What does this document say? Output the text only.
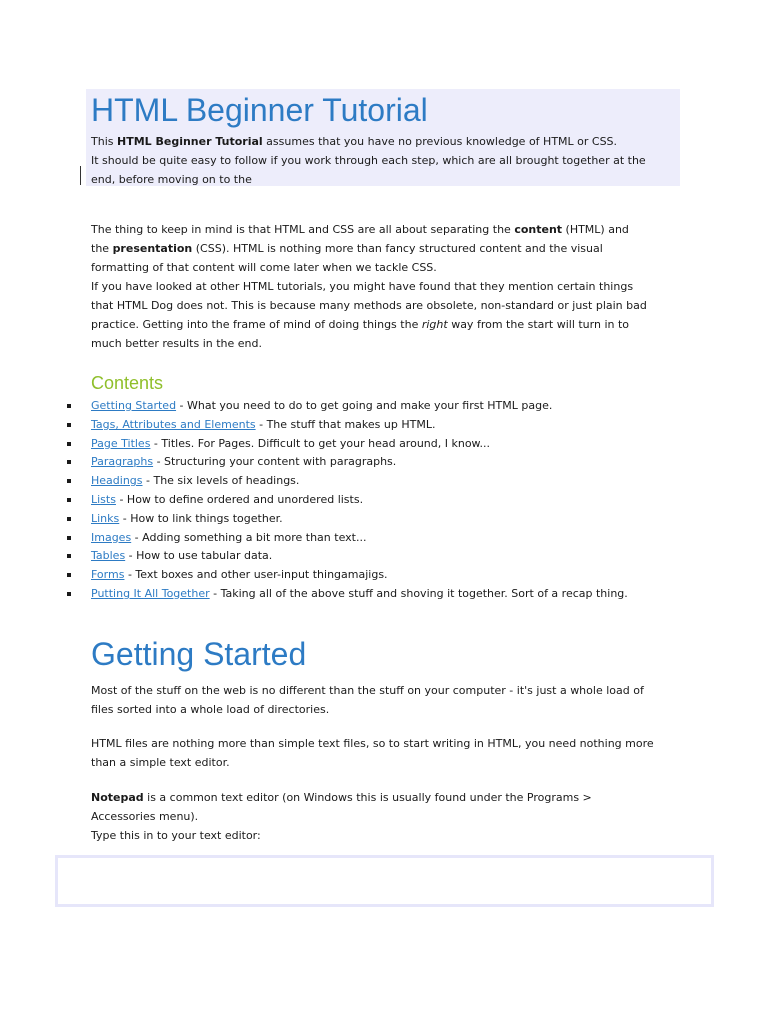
HTML Beginner Tutorial
This HTML Beginner Tutorial assumes that you have no previous knowledge of HTML or CSS.
It should be quite easy to follow if you work through each step, which are all brought together at the
end, before moving on to the
The thing to keep in mind is that HTML and CSS are all about separating the content (HTML) and
the presentation (CSS). HTML is nothing more than fancy structured content and the visual
formatting of that content will come later when we tackle CSS.
If you have looked at other HTML tutorials, you might have found that they mention certain things
that HTML Dog does not. This is because many methods are obsolete, non-standard or just plain bad
practice. Getting into the frame of mind of doing things the right way from the start will turn in to
much better results in the end.
Contents
Getting Started - What you need to do to get going and make your first HTML page.
Tags, Attributes and Elements - The stuff that makes up HTML.
Page Titles - Titles. For Pages. Difficult to get your head around, I know...
Paragraphs - Structuring your content with paragraphs.
Headings - The six levels of headings.
Lists - How to define ordered and unordered lists.
Links - How to link things together.
Images - Adding something a bit more than text...
Tables - How to use tabular data.
Forms - Text boxes and other user-input thingamajigs.
Putting It All Together - Taking all of the above stuff and shoving it together. Sort of a recap thing.
Getting Started
Most of the stuff on the web is no different than the stuff on your computer - it's just a whole load of
files sorted into a whole load of directories.
HTML files are nothing more than simple text files, so to start writing in HTML, you need nothing more
than a simple text editor.
Notepad is a common text editor (on Windows this is usually found under the Programs >
Accessories menu).
Type this in to your text editor:
